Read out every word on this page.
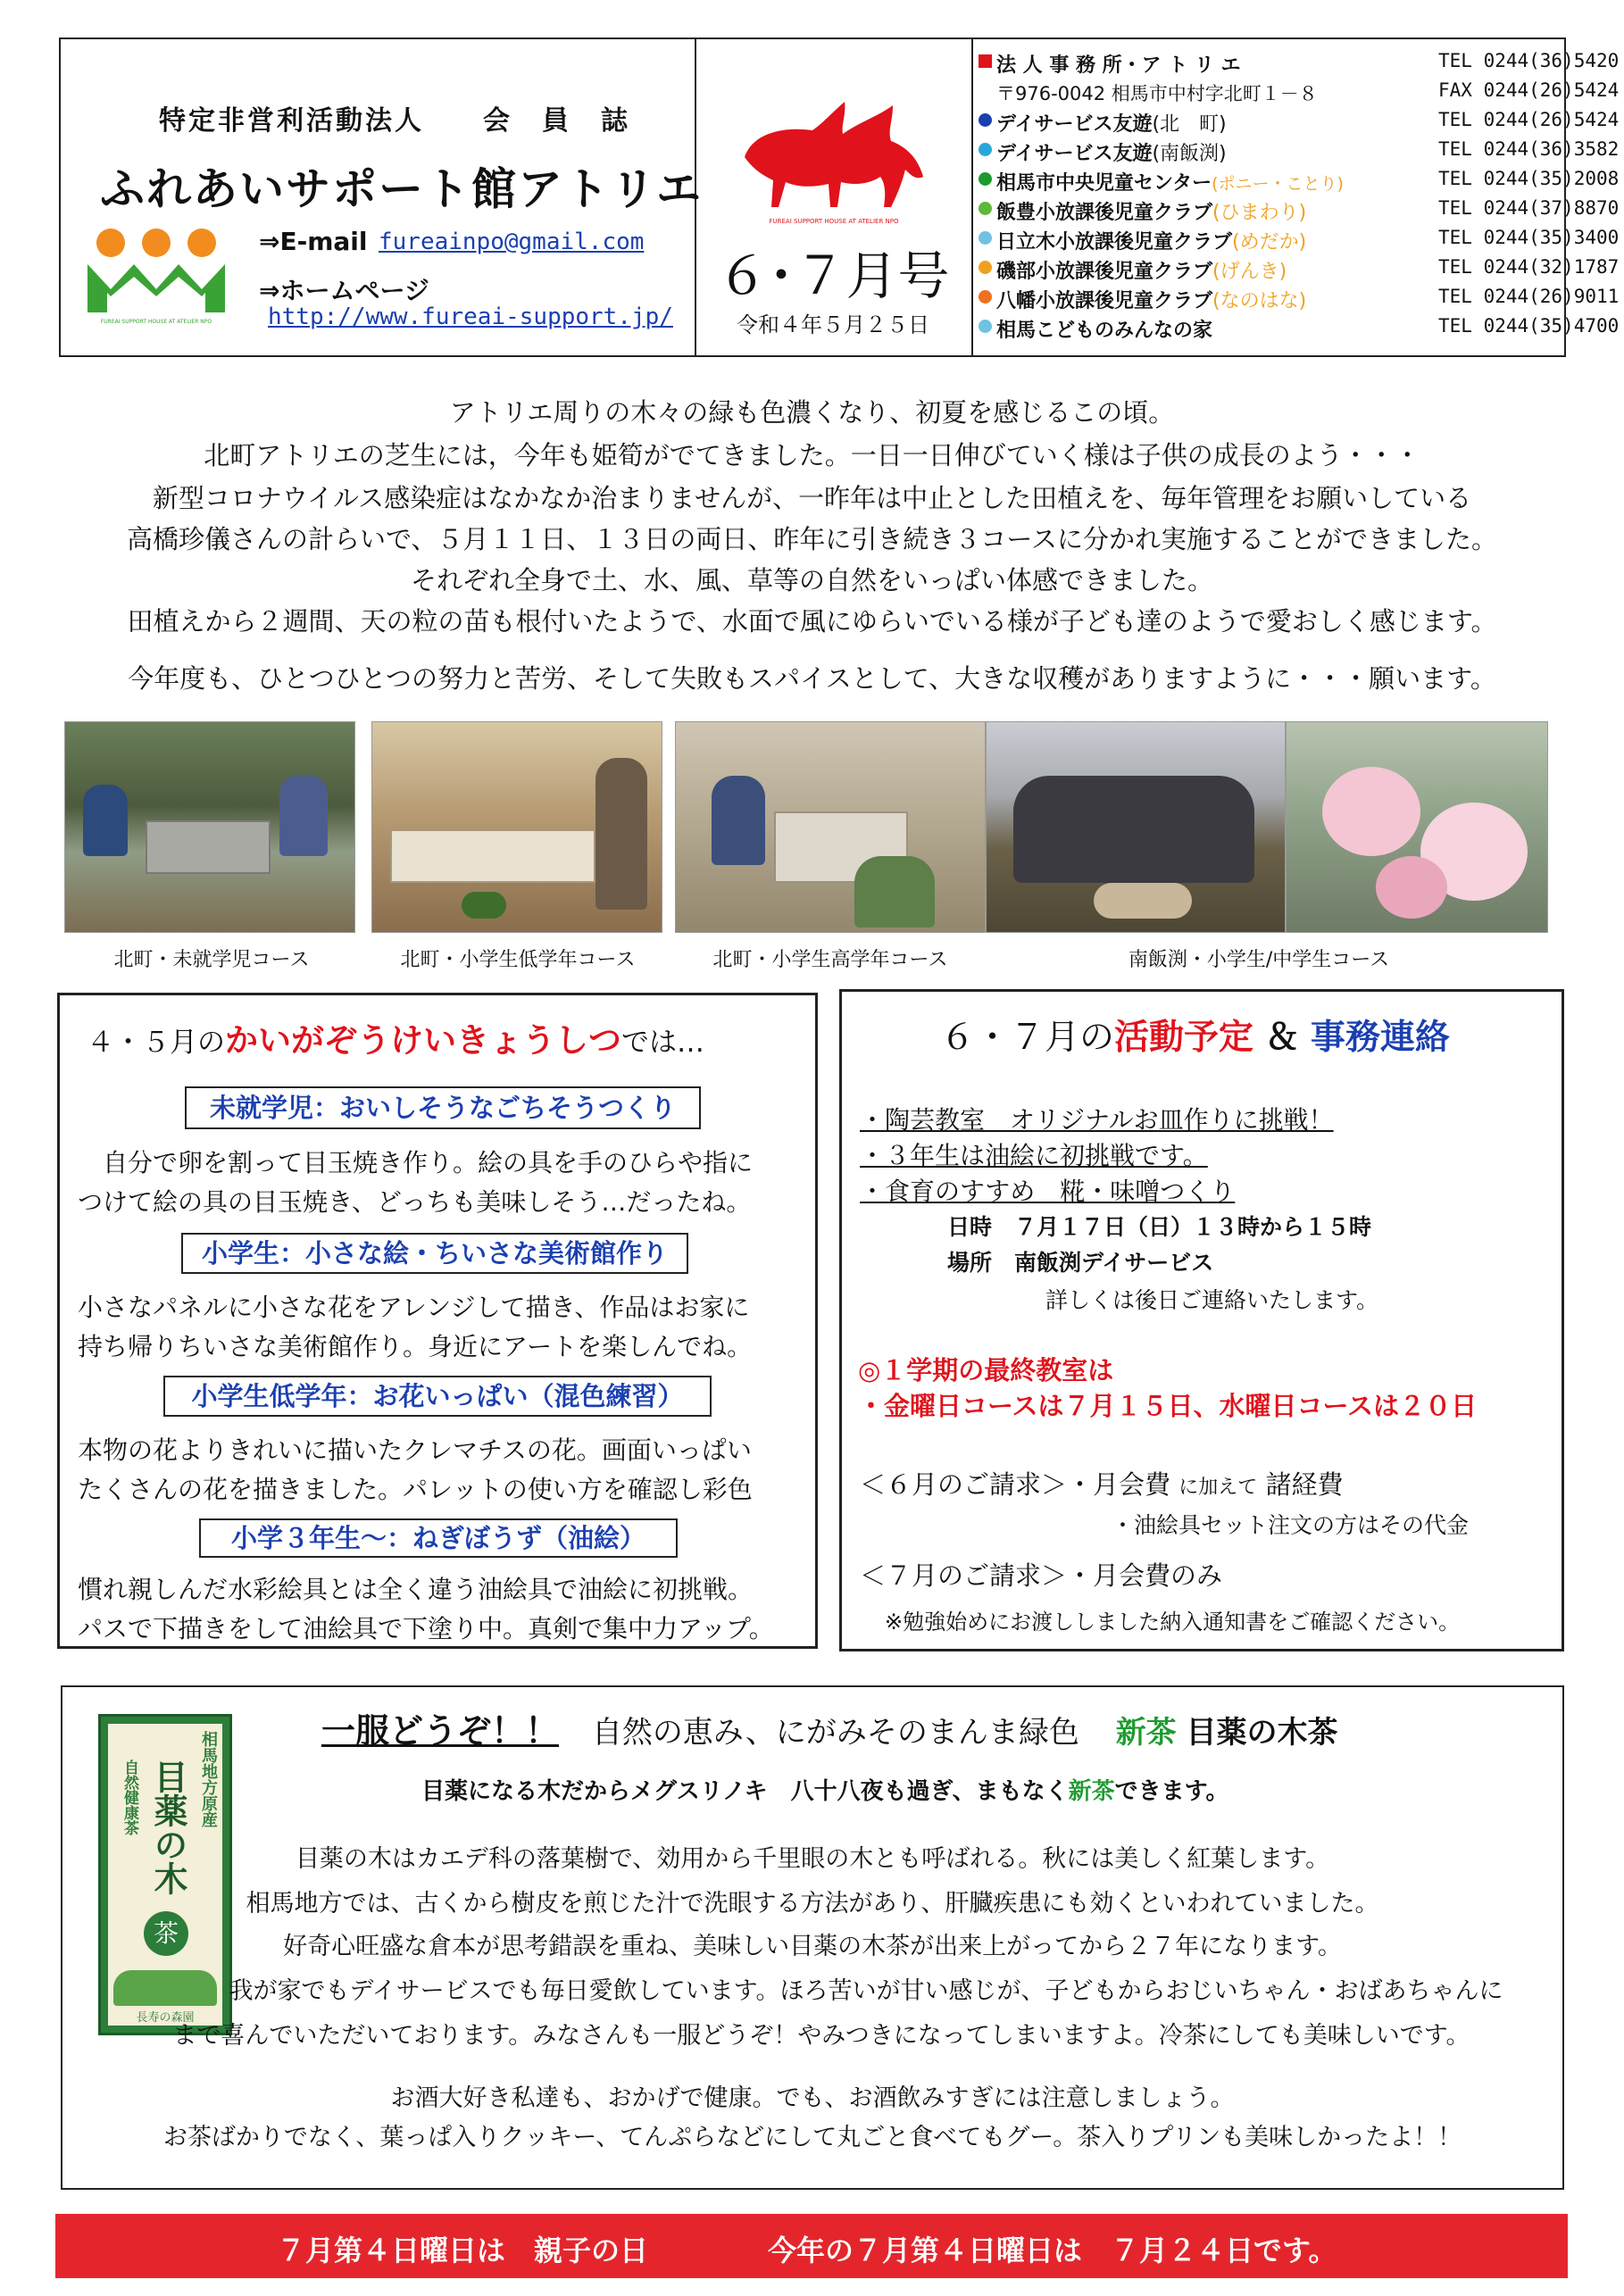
特定非営利活動法人　　会　員　誌
ふれあいサポート館アトリエ
FUREAI SUPPORT HOUSE AT ATELIER NPO
⇒E-mail fureainpo@gmail.com
⇒ホームページ
http://www.fureai-support.jp/
FUREAI SUPPORT HOUSE AT ATELIER NPO
６･７月号
令和４年５月２５日
法 人 事 務 所・ア ト リ エ	TEL 0244(36)5420
〒976-0042 相馬市中村字北町１－８	FAX 0244(26)5424
デイサービス友遊(北　町)	TEL 0244(26)5424
デイサービス友遊(南飯渕)	TEL 0244(36)3582
相馬市中央児童センター(ポニー・ことり)	TEL 0244(35)2008
飯豊小放課後児童クラブ(ひまわり)	TEL 0244(37)8870
日立木小放課後児童クラブ(めだか)	TEL 0244(35)3400
磯部小放課後児童クラブ(げんき)	TEL 0244(32)1787
八幡小放課後児童クラブ(なのはな)	TEL 0244(26)9011
相馬こどものみんなの家	TEL 0244(35)4700
アトリエ周りの木々の緑も色濃くなり、初夏を感じるこの頃。
北町アトリエの芝生には，今年も姫筍がでてきました。一日一日伸びていく様は子供の成長のよう・・・
新型コロナウイルス感染症はなかなか治まりませんが、一昨年は中止とした田植えを、毎年管理をお願いしている
高橋珍儀さんの計らいで、５月１１日、１３日の両日、昨年に引き続き３コースに分かれ実施することができました。
それぞれ全身で土、水、風、草等の自然をいっぱい体感できました。
田植えから２週間、天の粒の苗も根付いたようで、水面で風にゆらいでいる様が子ども達のようで愛おしく感じます。
今年度も、ひとつひとつの努力と苦労、そして失敗もスパイスとして、大きな収穫がありますように・・・願います。
北町・未就学児コース	北町・小学生低学年コース	北町・小学生高学年コース	南飯渕・小学生/中学生コース
４・５月のかいがぞうけいきょうしつでは…
未就学児：おいしそうなごちそうつくり
　自分で卵を割って目玉焼き作り。絵の具を手のひらや指に
つけて絵の具の目玉焼き、どっちも美味しそう…だったね。
小学生：小さな絵・ちいさな美術館作り
小さなパネルに小さな花をアレンジして描き、作品はお家に
持ち帰りちいさな美術館作り。身近にアートを楽しんでね。
小学生低学年：お花いっぱい（混色練習）
本物の花よりきれいに描いたクレマチスの花。画面いっぱい
たくさんの花を描きました。パレットの使い方を確認し彩色
小学３年生～：ねぎぼうず（油絵）
慣れ親しんだ水彩絵具とは全く違う油絵具で油絵に初挑戦。
パスで下描きをして油絵具で下塗り中。真剣で集中力アップ。
６・７月の活動予定 ＆ 事務連絡
・陶芸教室　オリジナルお皿作りに挑戦！
・３年生は油絵に初挑戦です。
・食育のすすめ　糀・味噌つくり
日時　７月１７日（日）１３時から１５時
場所　南飯渕デイサービス
詳しくは後日ご連絡いたします。
◎１学期の最終教室は
・金曜日コースは７月１５日、水曜日コースは２０日
＜６月のご請求＞・月会費 に加えて 諸経費
・油絵具セット注文の方はその代金
＜７月のご請求＞・月会費のみ
※勉強始めにお渡ししました納入通知書をご確認ください。
相馬地方原産
自然健康茶 目薬の木
茶
長寿の森園
一服どうぞ！！ 自然の恵み、にがみそのまんま緑色 新茶 目薬の木茶
目薬になる木だからメグスリノキ　八十八夜も過ぎ、まもなく新茶できます。
目薬の木はカエデ科の落葉樹で、効用から千里眼の木とも呼ばれる。秋には美しく紅葉します。
相馬地方では、古くから樹皮を煎じた汁で洗眼する方法があり、肝臓疾患にも効くといわれていました。
好奇心旺盛な倉本が思考錯誤を重ね、美味しい目薬の木茶が出来上がってから２７年になります。
我が家でもデイサービスでも毎日愛飲しています。ほろ苦いが甘い感じが、子どもからおじいちゃん・おばあちゃんに
まで喜んでいただいております。みなさんも一服どうぞ！やみつきになってしまいますよ。冷茶にしても美味しいです。
お酒大好き私達も、おかげで健康。でも、お酒飲みすぎには注意しましょう。
お茶ばかりでなく、葉っぱ入りクッキー、てんぷらなどにして丸ごと食べてもグー。茶入りプリンも美味しかったよ！！
７月第４日曜日は　親子の日	今年の７月第４日曜日は　７月２４日です。
